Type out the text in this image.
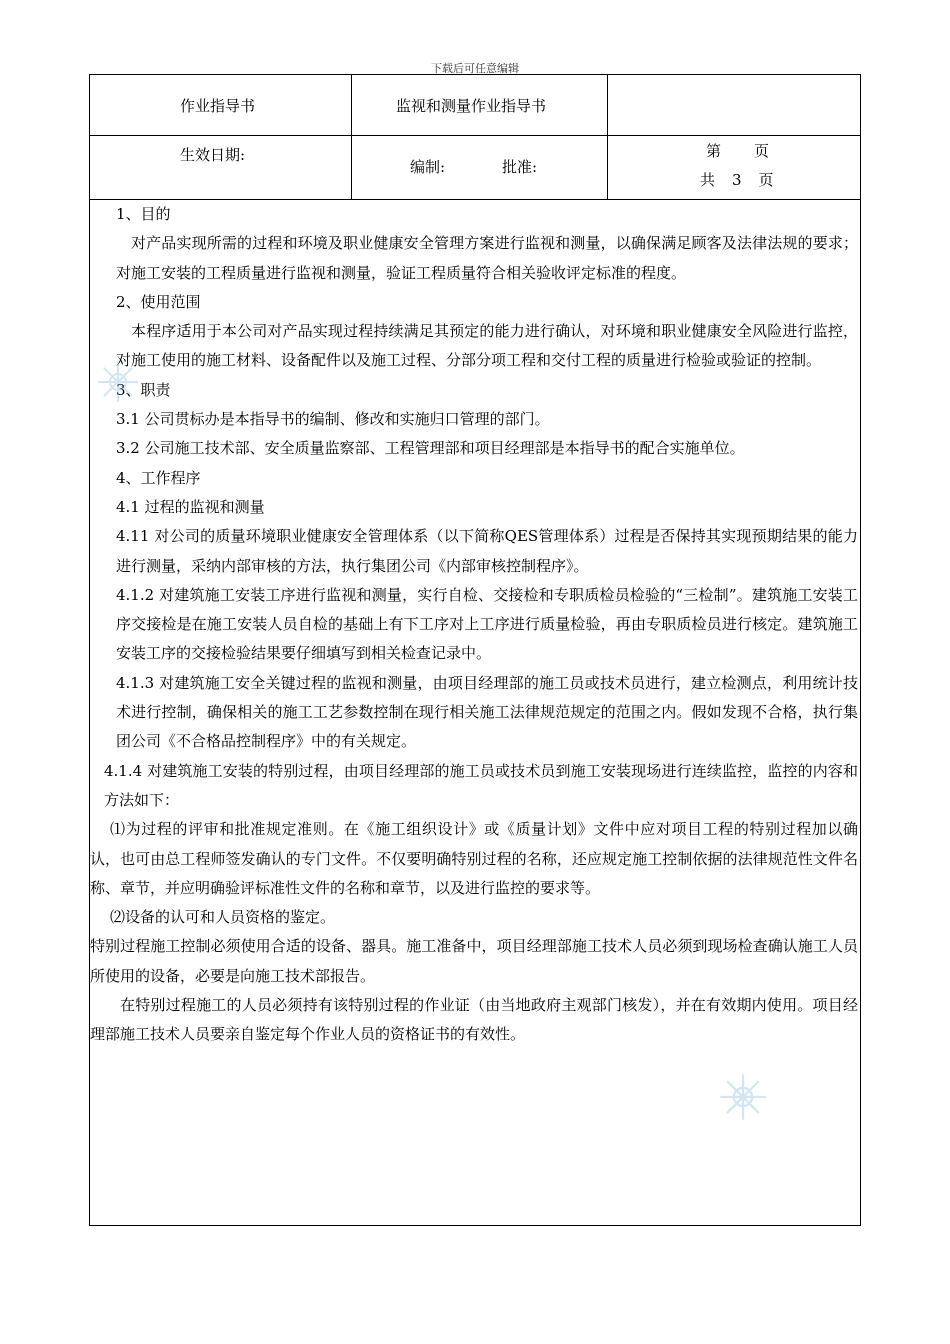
下载后可任意编辑
作业指导书	监视和测量作业指导书
生效日期:
编制:	批准:
第　　页
共　3　页

1、目的

对产品实现所需的过程和环境及职业健康安全管理方案进行监视和测量，以确保满足顾客及法律法规的要求；对施工安装的工程质量进行监视和测量，验证工程质量符合相关验收评定标准的程度。

2、使用范围

本程序适用于本公司对产品实现过程持续满足其预定的能力进行确认，对环境和职业健康安全风险进行监控，对施工使用的施工材料、设备配件以及施工过程、分部分项工程和交付工程的质量进行检验或验证的控制。

3、职责

3.1 公司贯标办是本指导书的编制、修改和实施归口管理的部门。

3.2 公司施工技术部、安全质量监察部、工程管理部和项目经理部是本指导书的配合实施单位。

4、工作程序

4.1 过程的监视和测量

4.11 对公司的质量环境职业健康安全管理体系（以下简称QES管理体系）过程是否保持其实现预期结果的能力进行测量，采纳内部审核的方法，执行集团公司《内部审核控制程序》。

4.1.2 对建筑施工安装工序进行监视和测量，实行自检、交接检和专职质检员检验的“三检制”。建筑施工安装工序交接检是在施工安装人员自检的基础上有下工序对上工序进行质量检验，再由专职质检员进行核定。建筑施工安装工序的交接检验结果要仔细填写到相关检查记录中。

4.1.3 对建筑施工安全关键过程的监视和测量，由项目经理部的施工员或技术员进行，建立检测点，利用统计技术进行控制，确保相关的施工工艺参数控制在现行相关施工法律规范规定的范围之内。假如发现不合格，执行集团公司《不合格品控制程序》中的有关规定。

4.1.4 对建筑施工安装的特别过程，由项目经理部的施工员或技术员到施工安装现场进行连续监控，监控的内容和方法如下：

⑴为过程的评审和批准规定准则。在《施工组织设计》或《质量计划》文件中应对项目工程的特别过程加以确认，也可由总工程师签发确认的专门文件。不仅要明确特别过程的名称，还应规定施工控制依据的法律规范性文件名称、章节，并应明确验评标准性文件的名称和章节，以及进行监控的要求等。

⑵设备的认可和人员资格的鉴定。

特别过程施工控制必须使用合适的设备、器具。施工准备中，项目经理部施工技术人员必须到现场检查确认施工人员所使用的设备，必要是向施工技术部报告。

在特别过程施工的人员必须持有该特别过程的作业证（由当地政府主观部门核发），并在有效期内使用。项目经理部施工技术人员要亲自鉴定每个作业人员的资格证书的有效性。
